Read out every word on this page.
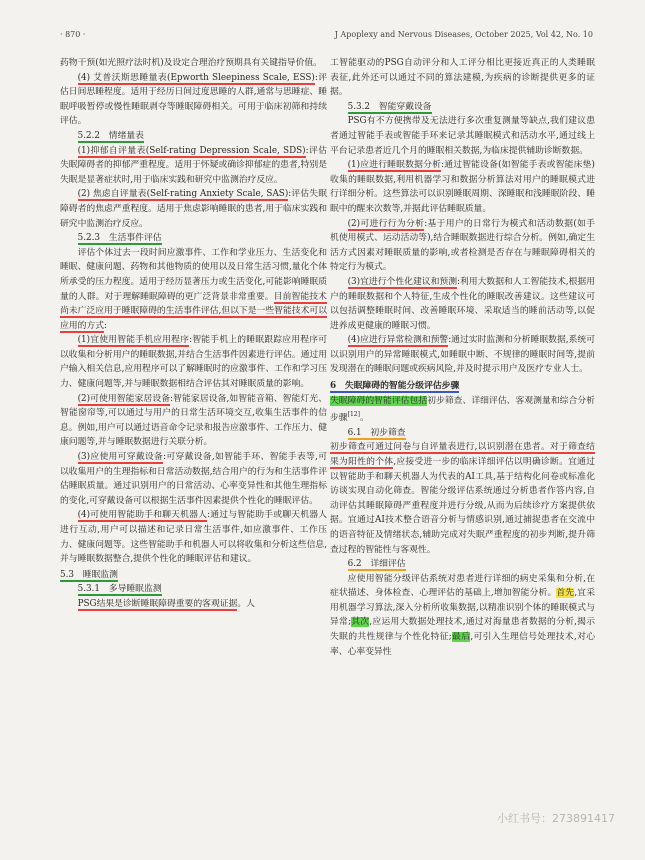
· 870 ·	J Apoplexy and Nervous Diseases, October 2025, Vol 42, No. 10

药物干预(如光照疗法时机)及设定合理治疗预期具有关键指导价值。

(4) 艾普沃斯思睡量表(Epworth Sleepiness Scale, ESS):评估日间思睡程度。适用于经历日间过度思睡的人群,通常与思睡症、睡眠呼吸暂停或慢性睡眠剥夺等睡眠障碍相关。可用于临床初筛和持续评估。

5.2.2　情绪量表

(1)抑郁自评量表(Self-rating Depression Scale, SDS):评估失眠障碍者的抑郁严重程度。适用于怀疑或确诊抑郁症的患者,特别是失眠是显著症状时,用于临床实践和研究中监测治疗反应。

(2) 焦虑自评量表(Self-rating Anxiety Scale, SAS):评估失眠障碍者的焦虑严重程度。适用于焦虑影响睡眠的患者,用于临床实践和研究中监测治疗反应。

5.2.3　生活事件评估

评估个体过去一段时间应激事件、工作和学业压力、生活变化和睡眠、健康问题、药物和其他物质的使用以及日常生活习惯,量化个体所承受的压力程度。适用于经历显著压力或生活变化,可能影响睡眠质量的人群。对于理解睡眠障碍的更广泛背景非常重要。目前智能技术尚未广泛应用于睡眠障碍的生活事件评估,但以下是一些智能技术可以应用的方式:

(1)宜使用智能手机应用程序:智能手机上的睡眠跟踪应用程序可以收集和分析用户的睡眠数据,并结合生活事件因素进行评估。通过用户输入相关信息,应用程序可以了解睡眠时的应激事件、工作和学习压力、健康问题等,并与睡眠数据相结合评估其对睡眠质量的影响。

(2)可使用智能家居设备:智能家居设备,如智能音箱、智能灯光、智能窗帘等,可以通过与用户的日常生活环境交互,收集生活事件的信息。例如,用户可以通过语音命令记录和报告应激事件、工作压力、健康问题等,并与睡眠数据进行关联分析。

(3)应使用可穿戴设备:可穿戴设备,如智能手环、智能手表等,可以收集用户的生理指标和日常活动数据,结合用户的行为和生活事件评估睡眠质量。通过识别用户的日常活动、心率变异性和其他生理指标的变化,可穿戴设备可以根据生活事件因素提供个性化的睡眠评估。

(4)可使用智能助手和聊天机器人:通过与智能助手或聊天机器人进行互动,用户可以描述和记录日常生活事件,如应激事件、工作压力、健康问题等。这些智能助手和机器人可以将收集和分析这些信息,并与睡眠数据整合,提供个性化的睡眠评估和建议。

5.3　睡眠监测

5.3.1　多导睡眠监测

PSG结果是诊断睡眠障碍重要的客观证据。人

工智能驱动的PSG自动评分和人工评分相比更接近真正的人类睡眠表征,此外还可以通过不同的算法建模,为疾病的诊断提供更多的证据。

5.3.2　智能穿戴设备

PSG有不方便携带及无法进行多次重复测量等缺点,我们建议患者通过智能手表或智能手环来记录其睡眠模式和活动水平,通过线上平台记录患者近几个月的睡眠相关数据,为临床提供辅助诊断数据。

(1)应进行睡眠数据分析:通过智能设备(如智能手表或智能床垫)收集的睡眠数据,利用机器学习和数据分析算法对用户的睡眠模式进行详细分析。这些算法可以识别睡眠周期、深睡眠和浅睡眠阶段、睡眠中的醒来次数等,并据此评估睡眠质量。

(2)可进行行为分析:基于用户的日常行为模式和活动数据(如手机使用模式、运动活动等),结合睡眠数据进行综合分析。例如,确定生活方式因素对睡眠质量的影响,或者检测是否存在与睡眠障碍相关的特定行为模式。

(3)宜进行个性化建议和预测:利用大数据和人工智能技术,根据用户的睡眠数据和个人特征,生成个性化的睡眠改善建议。这些建议可以包括调整睡眠时间、改善睡眠环境、采取适当的睡前活动等,以促进养成更健康的睡眠习惯。

(4)应进行异常检测和预警:通过实时监测和分析睡眠数据,系统可以识别用户的异常睡眠模式,如睡眠中断、不规律的睡眠时间等,提前发现潜在的睡眠问题或疾病风险,并及时提示用户及医疗专业人士。

6　失眠障碍的智能分级评估步骤

失眠障碍的智能评估包括初步筛查、详细评估、客观测量和综合分析步骤[12]。

6.1　初步筛查

初步筛查可通过问卷与自评量表进行,以识别潜在患者。对于筛查结果为阳性的个体,应接受进一步的临床详细评估以明确诊断。宜通过以智能助手和聊天机器人为代表的AI工具,基于结构化问卷或标准化访谈实现自动化筛查。智能分级评估系统通过分析患者作答内容,自动评估其睡眠障碍严重程度并进行分级,从而为后续诊疗方案提供依据。宜通过AI技术整合语音分析与情感识别,通过捕捉患者在交流中的语音特征及情绪状态,辅助完成对失眠严重程度的初步判断,提升筛查过程的智能性与客观性。

6.2　详细评估

应使用智能分级评估系统对患者进行详细的病史采集和分析,在症状描述、身体检查、心理评估的基础上,增加智能分析。首先,宜采用机器学习算法,深入分析所收集数据,以精准识别个体的睡眠模式与异常;其次,应运用大数据处理技术,通过对海量患者数据的分析,揭示失眠的共性规律与个性化特征;最后,可引入生理信号处理技术,对心率、心率变异性

小红书号：273891417
